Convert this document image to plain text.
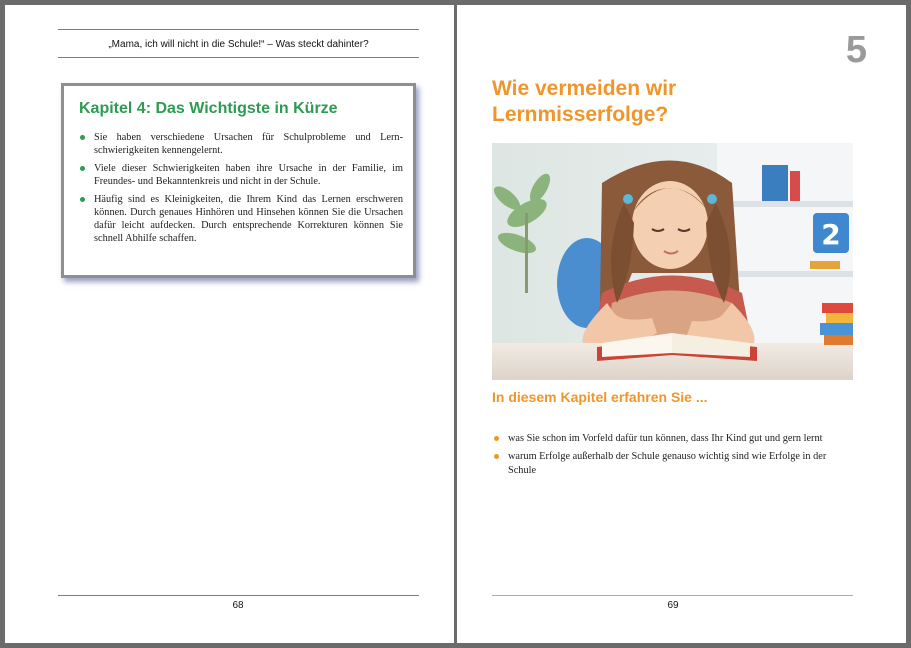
„Mama, ich will nicht in die Schule!“ – Was steckt dahinter?
Kapitel 4: Das Wichtigste in Kürze
Sie haben verschiedene Ursachen für Schulprobleme und Lernschwierigkeiten kennengelernt.
Viele dieser Schwierigkeiten haben ihre Ursache in der Familie, im Freundes- und Bekanntenkreis und nicht in der Schule.
Häufig sind es Kleinigkeiten, die Ihrem Kind das Lernen erschweren können. Durch genaues Hinhören und Hinsehen können Sie die Ursachen dafür leicht aufdecken. Durch entsprechende Korrekturen können Sie schnell Abhilfe schaffen.
68
5
Wie vermeiden wir
Lernmisserfolge?
2
In diesem Kapitel erfahren Sie ...
was Sie schon im Vorfeld dafür tun können, dass Ihr Kind gut und gern lernt
warum Erfolge außerhalb der Schule genauso wichtig sind wie Erfolge in der Schule
69
